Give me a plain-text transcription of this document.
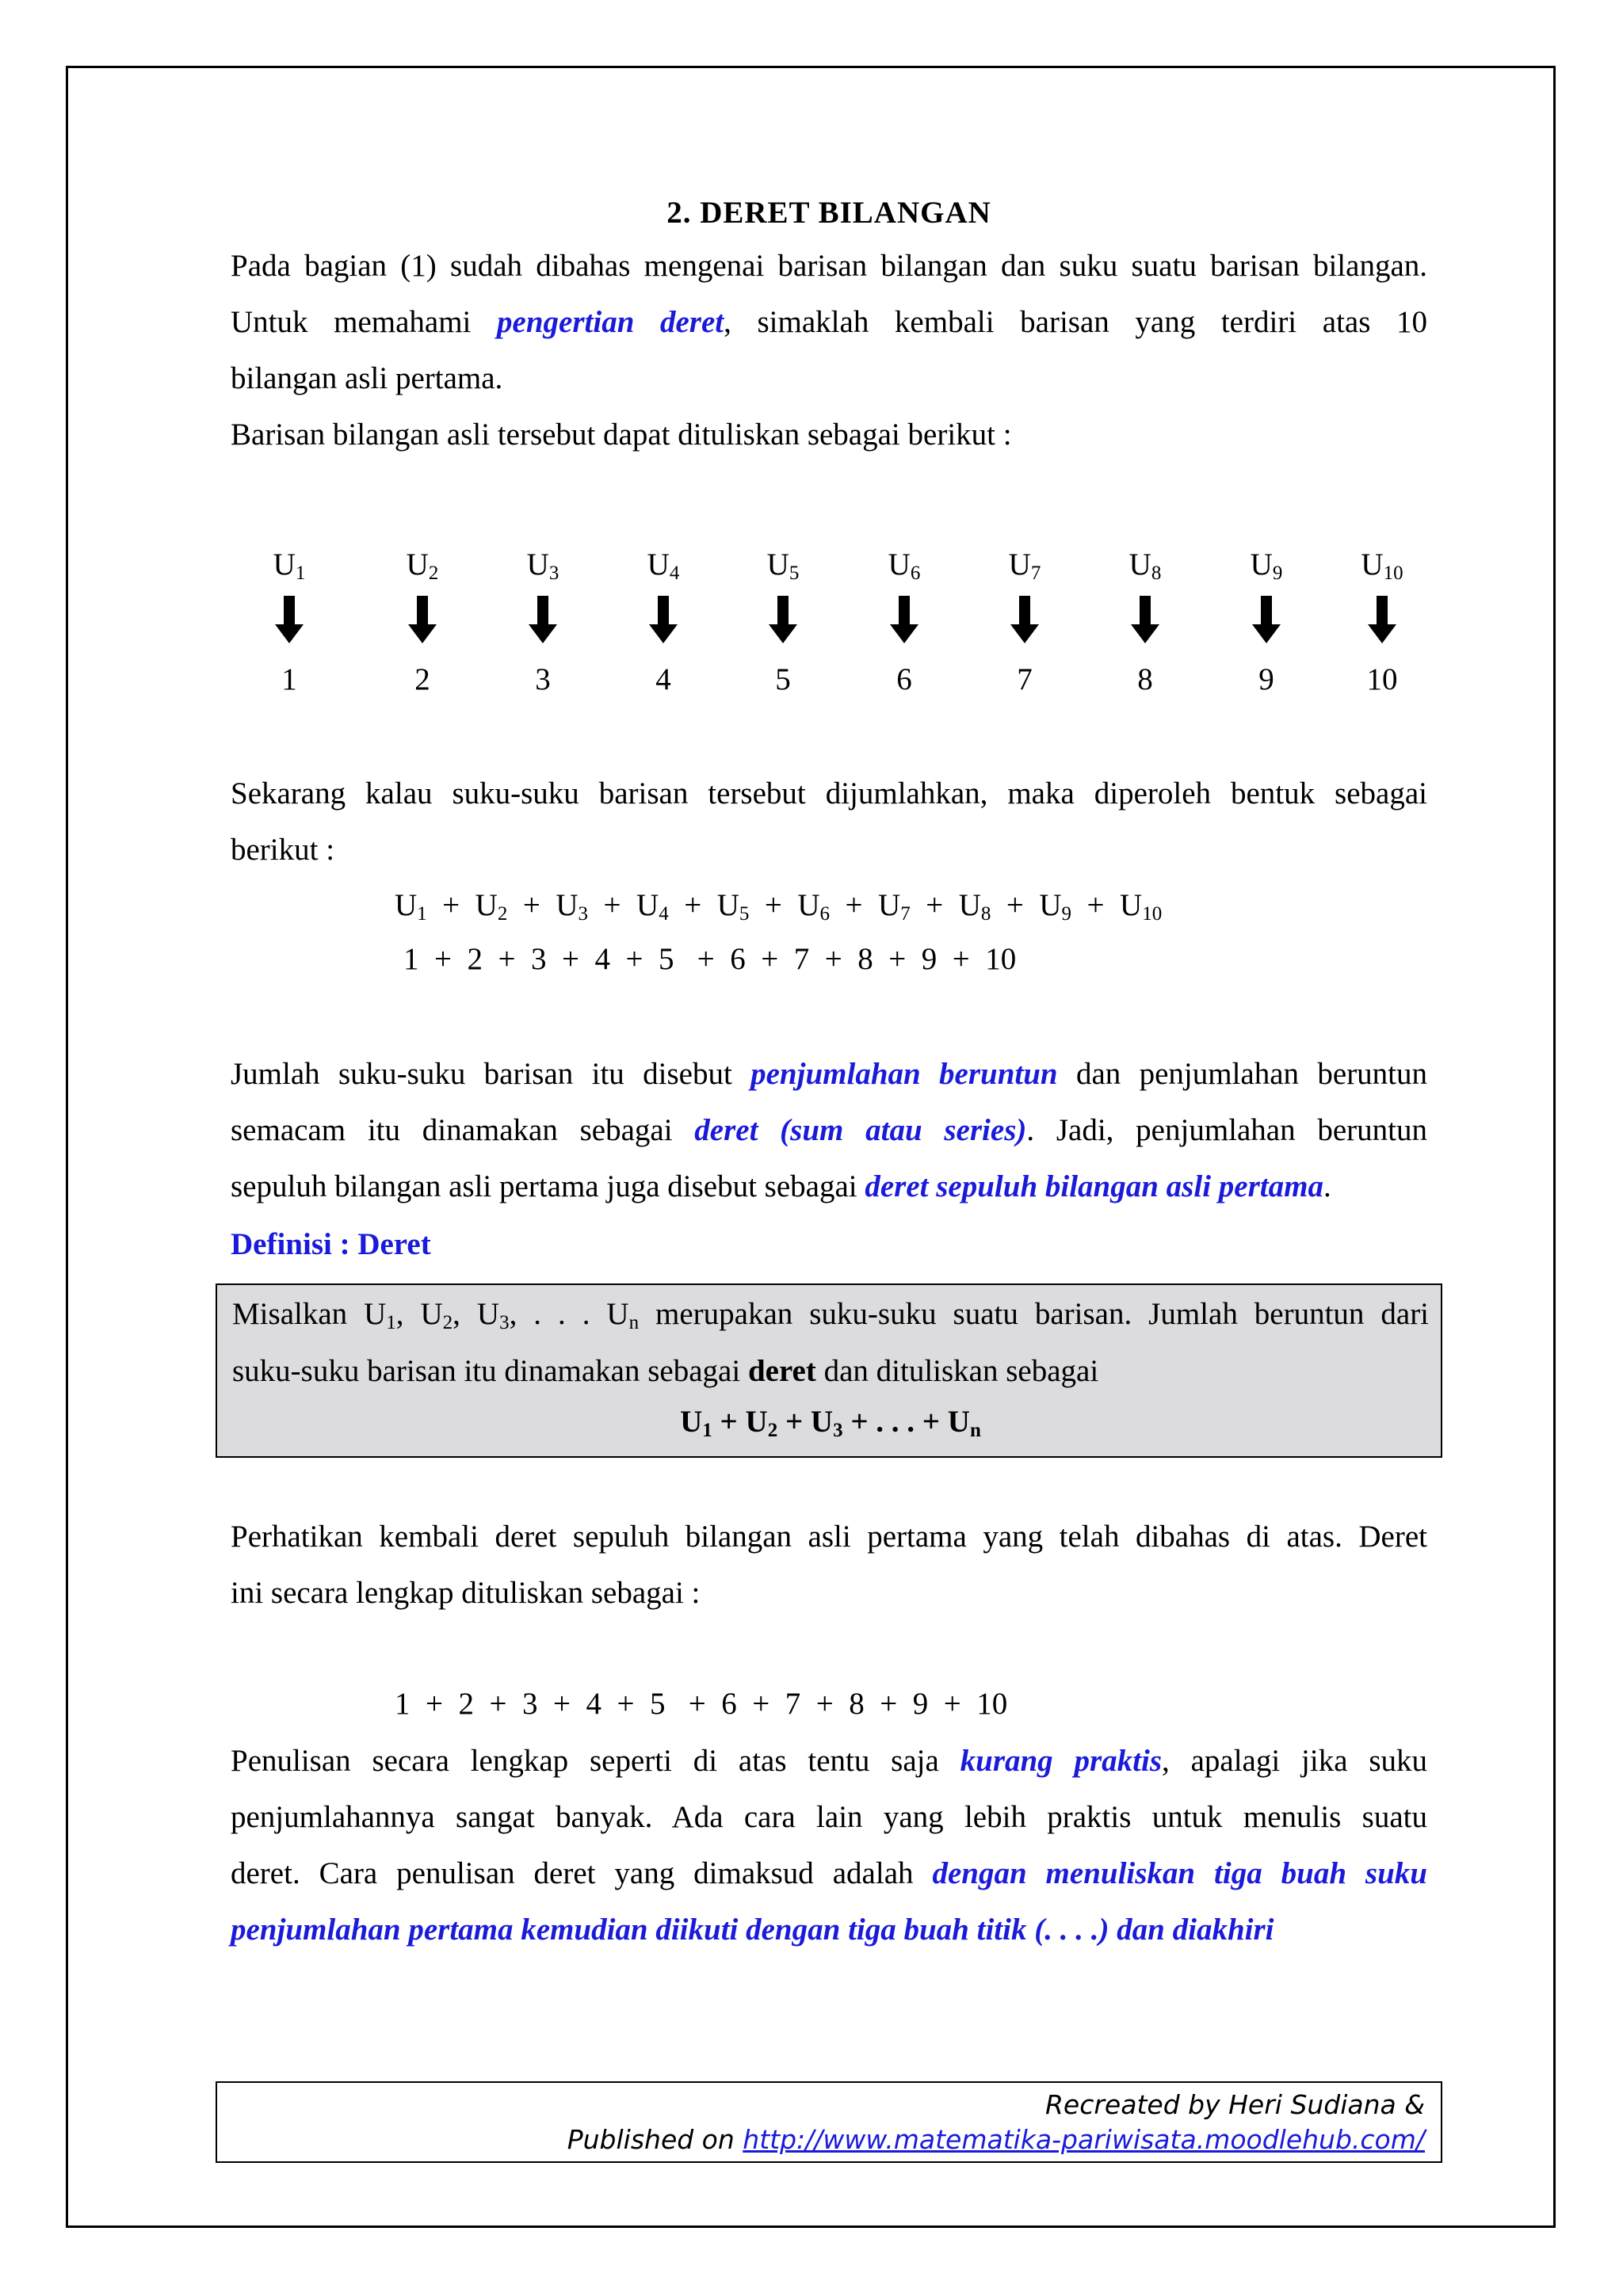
2. DERET BILANGAN
Pada bagian (1) sudah dibahas mengenai barisan bilangan dan suku suatu barisan bilangan.
Untuk memahami pengertian deret, simaklah kembali barisan yang terdiri atas 10
bilangan asli pertama.
Barisan bilangan asli tersebut dapat dituliskan sebagai berikut :
$U_1$
1
$U_2$
2
$U_3$
3
$U_4$
4
$U_5$
5
$U_6$
6
$U_7$
7
$U_8$
8
$U_9$
9
$U_{10}$
10
Sekarang kalau suku-suku barisan tersebut dijumlahkan, maka diperoleh bentuk sebagai
berikut :
$U_1 + U_2 + U_3 + U_4 + U_5 + U_6 + U_7 + U_8 + U_9 + U_{10}$
1  +  2  +  3  +  4  +  5   +  6  +  7  +  8  +  9  +  10
Jumlah suku-suku barisan itu disebut penjumlahan beruntun dan penjumlahan beruntun
semacam itu dinamakan sebagai deret (sum atau series). Jadi, penjumlahan beruntun
sepuluh bilangan asli pertama juga disebut sebagai deret sepuluh bilangan asli pertama.
Definisi : Deret
Misalkan $U_1$, $U_2$, $U_3$, . . . $U_n$ merupakan suku-suku suatu barisan. Jumlah beruntun dari
suku-suku barisan itu dinamakan sebagai deret dan dituliskan sebagai
$U_1 + U_2 + U_3$ + . . . + $U_n$
Perhatikan kembali deret sepuluh bilangan asli pertama yang telah dibahas di atas. Deret
ini secara lengkap dituliskan sebagai :
1  +  2  +  3  +  4  +  5   +  6  +  7  +  8  +  9  +  10
Penulisan secara lengkap seperti di atas tentu saja kurang praktis, apalagi jika suku
penjumlahannya sangat banyak. Ada cara lain yang lebih praktis untuk menulis suatu
deret. Cara penulisan deret yang dimaksud adalah dengan menuliskan tiga buah suku
penjumlahan pertama kemudian diikuti dengan tiga buah titik (. . . .) dan diakhiri
Recreated by Heri Sudiana &
Published on http://www.matematika-pariwisata.moodlehub.com/
